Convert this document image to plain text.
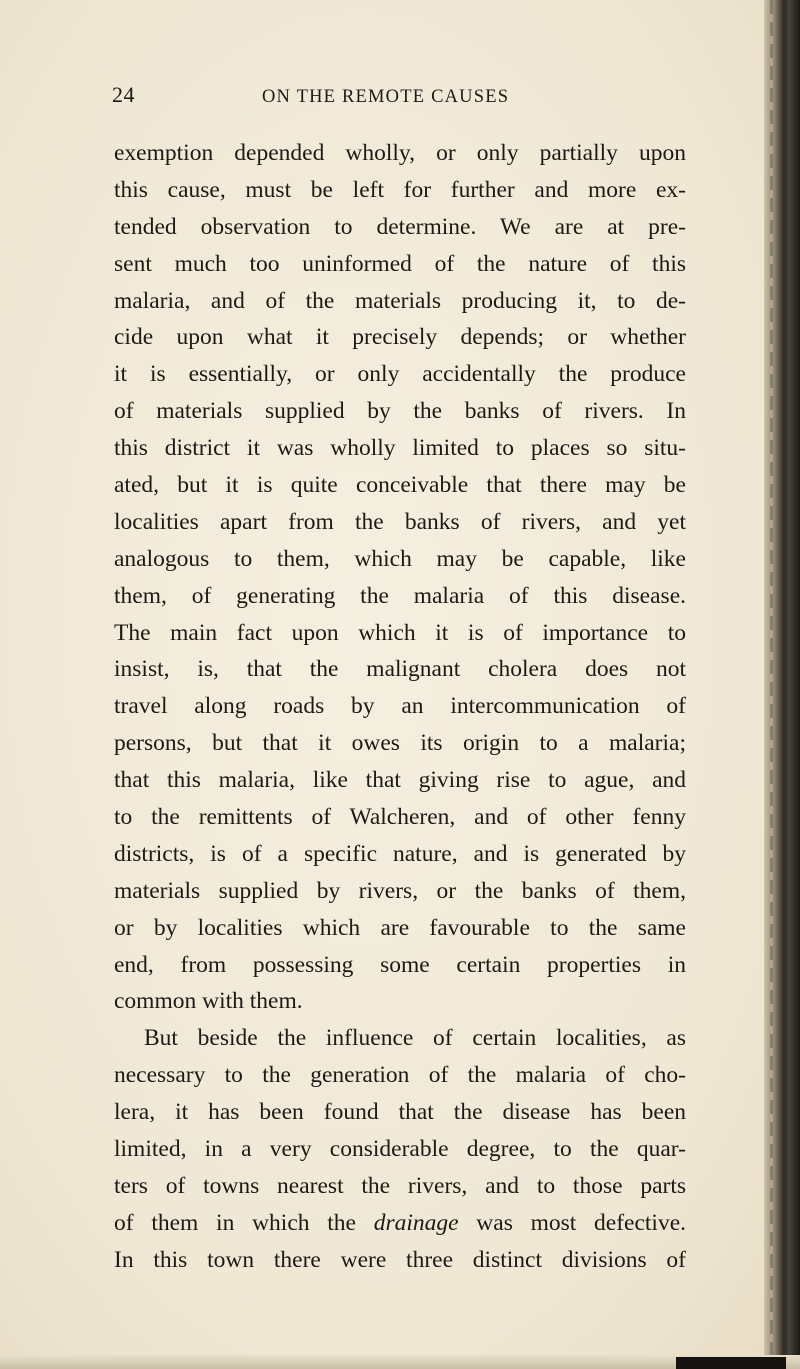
24	ON THE REMOTE CAUSES
exemption depended wholly, or only partially upon
this cause, must be left for further and more ex-
tended observation to determine. We are at pre-
sent much too uninformed of the nature of this
malaria, and of the materials producing it, to de-
cide upon what it precisely depends; or whether
it is essentially, or only accidentally the produce
of materials supplied by the banks of rivers. In
this district it was wholly limited to places so situ-
ated, but it is quite conceivable that there may be
localities apart from the banks of rivers, and yet
analogous to them, which may be capable, like
them, of generating the malaria of this disease.
The main fact upon which it is of importance to
insist, is, that the malignant cholera does not
travel along roads by an intercommunication of
persons, but that it owes its origin to a malaria;
that this malaria, like that giving rise to ague, and
to the remittents of Walcheren, and of other fenny
districts, is of a specific nature, and is generated by
materials supplied by rivers, or the banks of them,
or by localities which are favourable to the same
end, from possessing some certain properties in
common with them.
But beside the influence of certain localities, as
necessary to the generation of the malaria of cho-
lera, it has been found that the disease has been
limited, in a very considerable degree, to the quar-
ters of towns nearest the rivers, and to those parts
of them in which the drainage was most defective.
In this town there were three distinct divisions of
